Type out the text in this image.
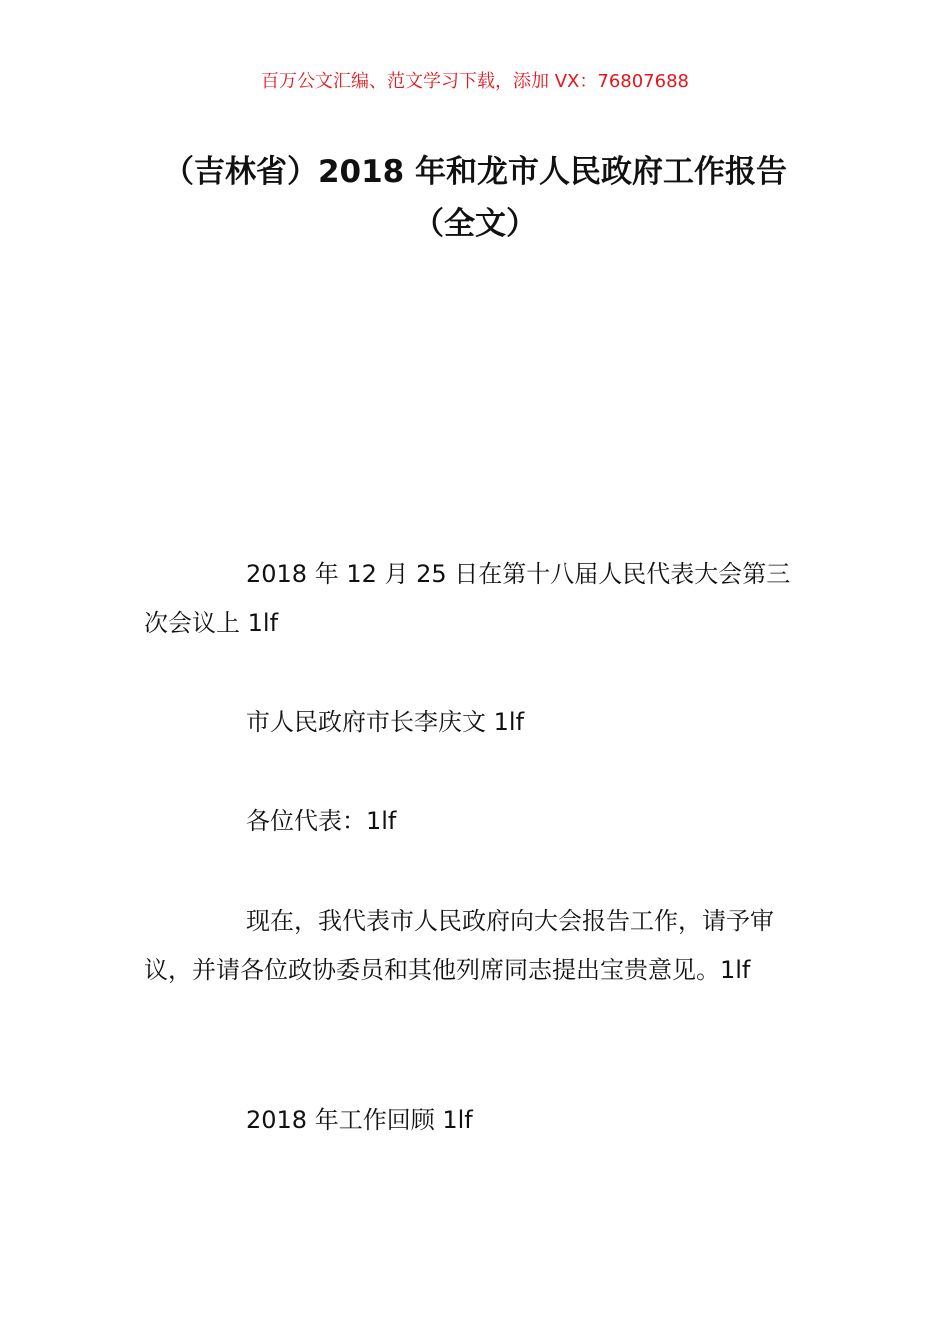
百万公文汇编、范文学习下载，添加 VX：76807688
（吉林省）2018 年和龙市人民政府工作报告（全文）

2018 年 12 月 25 日在第十八届人民代表大会第三次会议上 1lf

市人民政府市长李庆文 1lf

各位代表：1lf

现在，我代表市人民政府向大会报告工作，请予审议，并请各位政协委员和其他列席同志提出宝贵意见。1lf

2018 年工作回顾 1lf
